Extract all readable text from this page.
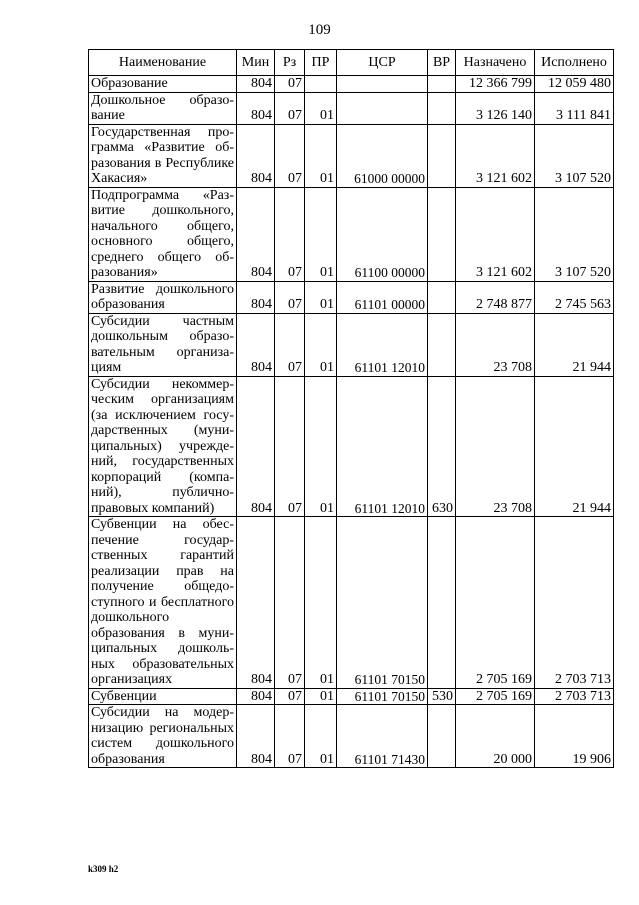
109
Наименование	Мин	Рз	ПР	ЦСР	ВР	Назначено	Исполнено
Образование	804	07				12 366 799	12 059 480
Дошкольное образование	804	07	01			3 126 140	3 111 841
Государственная программа «Развитие образования в Республике Хакасия»	804	07	01	61000 00000		3 121 602	3 107 520
Подпрограмма «Развитие дошкольного, начального общего, основного общего, среднего общего образования»	804	07	01	61100 00000		3 121 602	3 107 520
Развитие дошкольного образования	804	07	01	61101 00000		2 748 877	2 745 563
Субсидии частным дошкольным образовательным организациям	804	07	01	61101 12010		23 708	21 944
Субсидии некоммерческим организациям (за исключением государственных (муниципальных) учреждений, государственных корпораций (компаний), публично-правовых компаний)	804	07	01	61101 12010	630	23 708	21 944
Субвенции на обеспечение государственных гарантий реализации прав на получение общедоступного и бесплатного дошкольного образования в муниципальных дошкольных образовательных организациях	804	07	01	61101 70150		2 705 169	2 703 713
Субвенции	804	07	01	61101 70150	530	2 705 169	2 703 713
Субсидии на модернизацию региональных систем дошкольного образования	804	07	01	61101 71430		20 000	19 906
k309 h2
